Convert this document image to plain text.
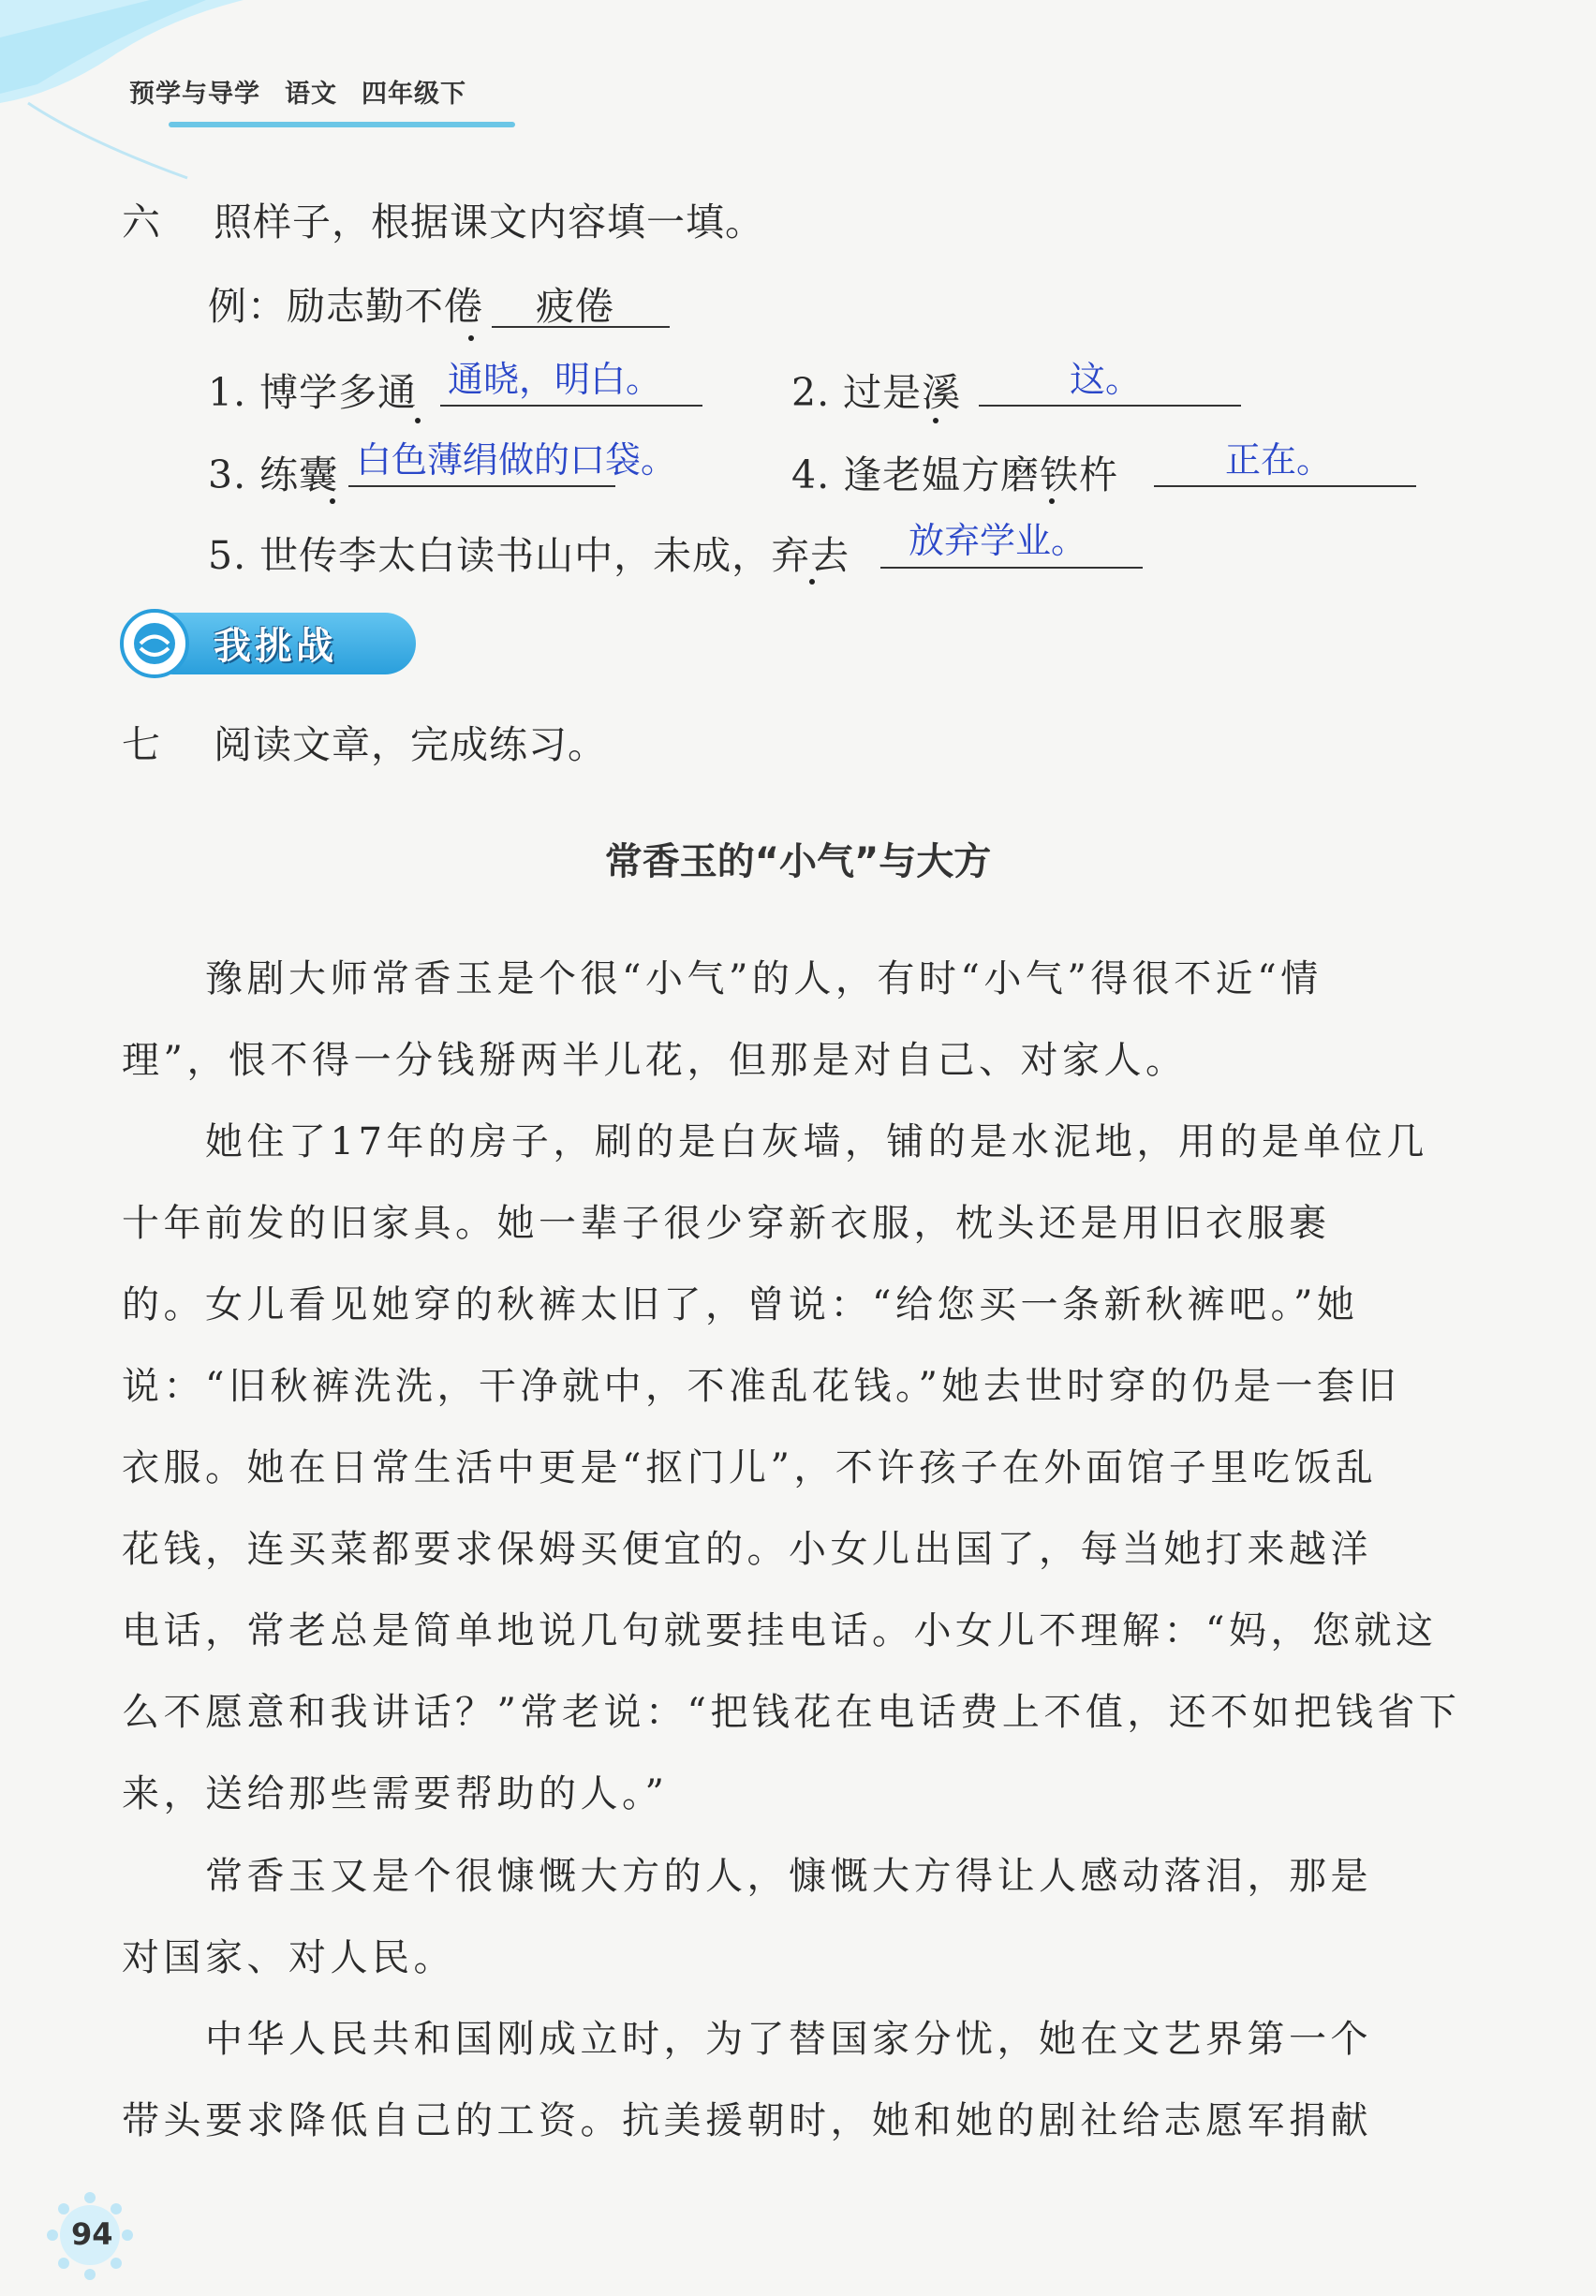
预学与导学 语文 四年级下
六 照样子，根据课文内容填一填。
例：励志勤不倦 疲倦
1. 博学多通 通晓，明白。	2. 过是溪	这。
3. 练囊 白色薄绢做的口袋。	4. 逢老媪方磨铁杵	正在。
5. 世传李太白读书山中，未成，弃去 放弃学业。
我挑战
七 阅读文章，完成练习。
常香玉的“小气”与大方
　　豫剧大师常香玉是个很“小气”的人，有时“小气”得很不近“情
理”，恨不得一分钱掰两半儿花，但那是对自己、对家人。
　　她住了17年的房子，刷的是白灰墙，铺的是水泥地，用的是单位几
十年前发的旧家具。她一辈子很少穿新衣服，枕头还是用旧衣服裹
的。女儿看见她穿的秋裤太旧了，曾说：“给您买一条新秋裤吧。”她
说：“旧秋裤洗洗，干净就中，不准乱花钱。”她去世时穿的仍是一套旧
衣服。她在日常生活中更是“抠门儿”，不许孩子在外面馆子里吃饭乱
花钱，连买菜都要求保姆买便宜的。小女儿出国了，每当她打来越洋
电话，常老总是简单地说几句就要挂电话。小女儿不理解：“妈，您就这
么不愿意和我讲话？”常老说：“把钱花在电话费上不值，还不如把钱省下
来，送给那些需要帮助的人。”
　　常香玉又是个很慷慨大方的人，慷慨大方得让人感动落泪，那是
对国家、对人民。
　　中华人民共和国刚成立时，为了替国家分忧，她在文艺界第一个
带头要求降低自己的工资。抗美援朝时，她和她的剧社给志愿军捐献
94
